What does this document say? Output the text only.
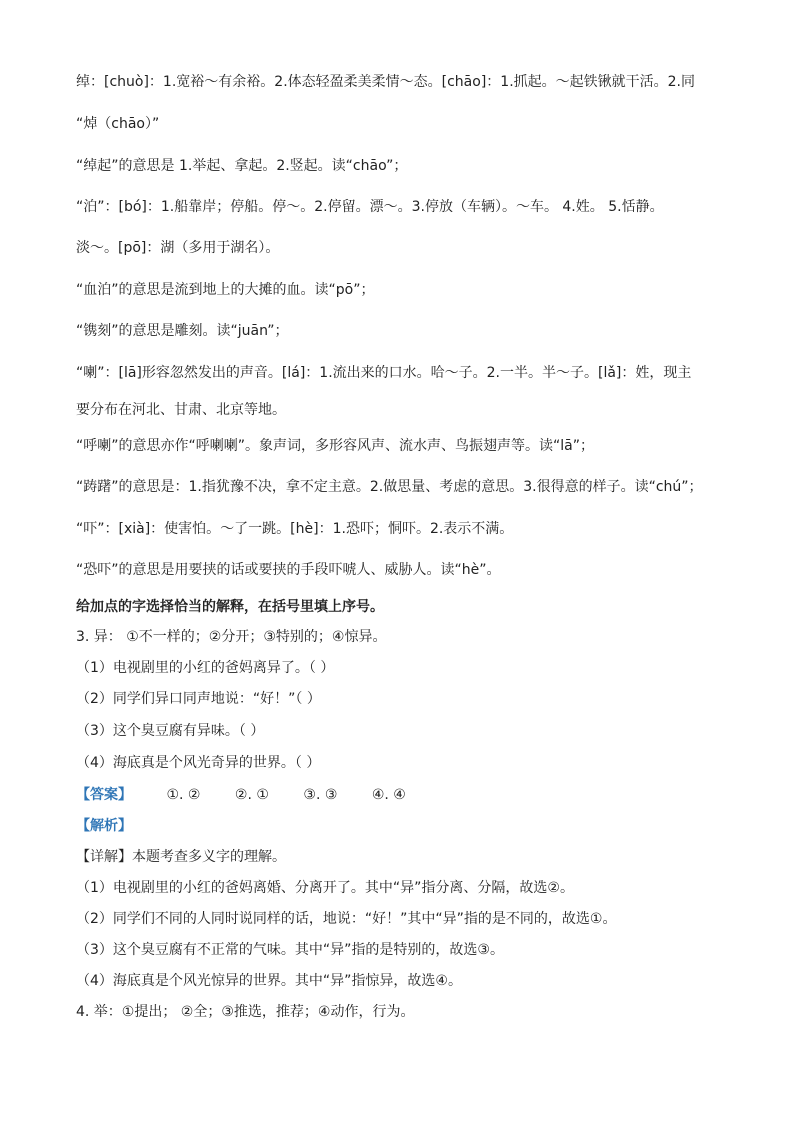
绰：[chuò]：1.宽裕～有余裕。2.体态轻盈柔美柔情～态。[chāo]：1.抓起。～起铁锹就干活。2.同
“焯（chāo）”
“绰起”的意思是 1.举起、拿起。2.竖起。读“chāo”；
“泊”：[bó]：1.船靠岸；停船。停～。2.停留。漂～。3.停放（车辆）。～车。 4.姓。 5.恬静。
淡～。[pō]：湖（多用于湖名）。
“血泊”的意思是流到地上的大摊的血。读“pō”；
“镌刻”的意思是雕刻。读“juān”；
“喇”：[lā]形容忽然发出的声音。[lá]：1.流出来的口水。哈～子。2.一半。半～子。[lǎ]：姓，现主
要分布在河北、甘肃、北京等地。
“呼喇”的意思亦作“呼喇喇”。象声词，多形容风声、流水声、鸟振翅声等。读“lā”；
“踌躇”的意思是：1.指犹豫不决，拿不定主意。2.做思量、考虑的意思。3.很得意的样子。读“chú”；
“吓”：[xià]：使害怕。～了一跳。[hè]：1.恐吓；恫吓。2.表示不满。
“恐吓”的意思是用要挟的话或要挟的手段吓唬人、威胁人。读“hè”。
给加点的字选择恰当的解释，在括号里填上序号。
3. 异： ①不一样的；②分开；③特别的；④惊异。
（1）电视剧里的小红的爸妈离异了。（ ）
（2）同学们异口同声地说：“好！”（ ）
（3）这个臭豆腐有异味。（ ）
（4）海底真是个风光奇异的世界。（ ）
【答案】 ①. ② ②. ① ③. ③ ④. ④
【解析】
【详解】本题考查多义字的理解。
（1）电视剧里的小红的爸妈离婚、分离开了。其中“异”指分离、分隔，故选②。
（2）同学们不同的人同时说同样的话，地说：“好！”其中“异”指的是不同的，故选①。
（3）这个臭豆腐有不正常的气味。其中“异”指的是特别的，故选③。
（4）海底真是个风光惊异的世界。其中“异”指惊异，故选④。
4. 举：①提出； ②全；③推选，推荐；④动作，行为。
